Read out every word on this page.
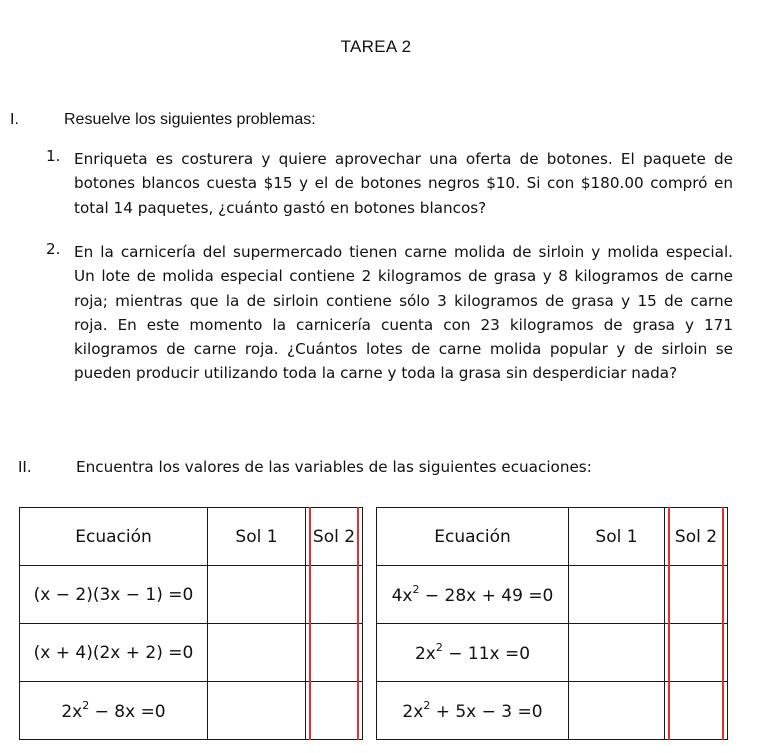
TAREA 2
I.	Resuelve los siguientes problemas:
1. Enriqueta es costurera y quiere aprovechar una oferta de botones. El paquete de
botones blancos cuesta $15 y el de botones negros $10. Si con $180.00 compró en
total 14 paquetes, ¿cuánto gastó en botones blancos?
2. En la carnicería del supermercado tienen carne molida de sirloin y molida especial.
Un lote de molida especial contiene 2 kilogramos de grasa y 8 kilogramos de carne
roja; mientras que la de sirloin contiene sólo 3 kilogramos de grasa y 15 de carne
roja. En este momento la carnicería cuenta con 23 kilogramos de grasa y 171
kilogramos de carne roja. ¿Cuántos lotes de carne molida popular y de sirloin se
pueden producir utilizando toda la carne y toda la grasa sin desperdiciar nada?
II.	Encuentra los valores de las variables de las siguientes ecuaciones:
Ecuación	Sol 1	Sol 2
(x − 2)(3x − 1) =0		
(x + 4)(2x + 2) =0		
$2x^2 - 8x =0$		
Ecuación	Sol 1	Sol 2
$4x^2 - 28x + 49 =0$		
$2x^2 - 11x =0$		
$2x^2 + 5x - 3 =0$		
